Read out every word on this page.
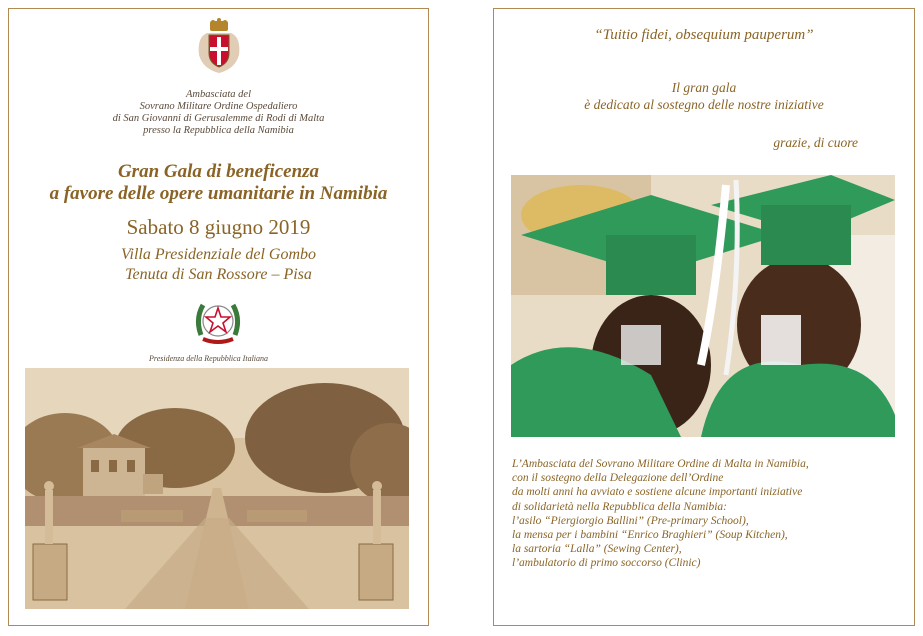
Ambasciata del
Sovrano Militare Ordine Ospedaliero
di San Giovanni di Gerusalemme di Rodi di Malta
presso la Repubblica della Namibia
Gran Gala di beneficenza
a favore delle opere umanitarie in Namibia
Sabato 8 giugno 2019
Villa Presidenziale del Gombo
Tenuta di San Rossore – Pisa
Presidenza della Repubblica Italiana
“Tuitio fidei, obsequium pauperum”
Il gran gala
è dedicato al sostegno delle nostre iniziative
grazie, di cuore
L’Ambasciata del Sovrano Militare Ordine di Malta in Namibia,
con il sostegno della Delegazione dell’Ordine
da molti anni ha avviato e sostiene alcune importanti iniziative
di solidarietà nella Repubblica della Namibia:
l’asilo “Piergiorgio Ballini” (Pre-primary School),
la mensa per i bambini “Enrico Braghieri” (Soup Kitchen),
la sartoria “Lalla” (Sewing Center),
l’ambulatorio di primo soccorso (Clinic)
